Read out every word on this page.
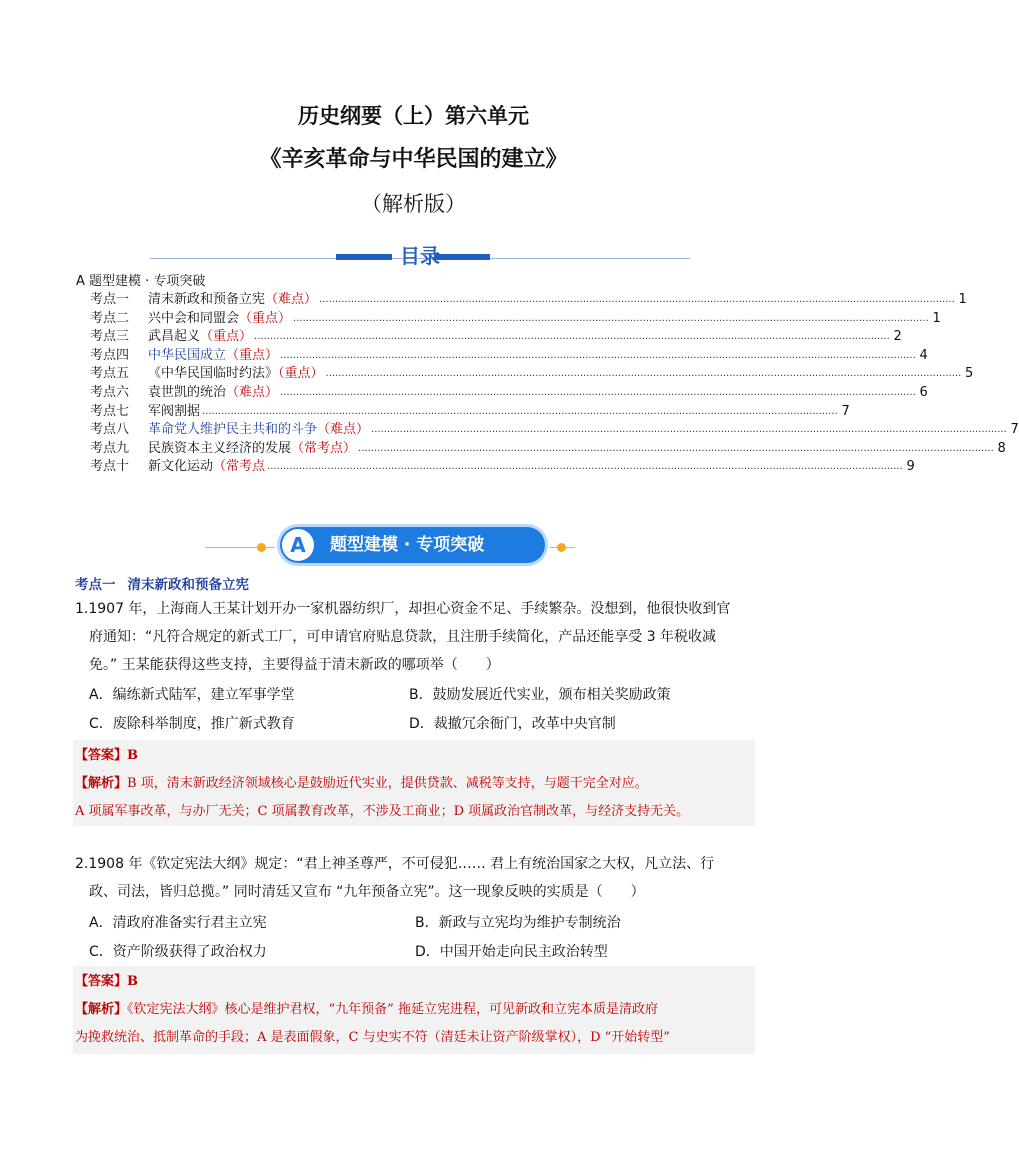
历史纲要（上）第六单元
《辛亥革命与中华民国的建立》
（解析版）
目录
A 题型建模 · 专项突破
考点一	清末新政和预备立宪（难点） ........................................................................................................................................................................................................ 1
考点二	兴中会和同盟会（重点） ........................................................................................................................................................................................................ 1
考点三	武昌起义（重点） ........................................................................................................................................................................................................ 2
考点四	中华民国成立（重点） ........................................................................................................................................................................................................ 4
考点五	《中华民国临时约法》（重点） ........................................................................................................................................................................................................ 5
考点六	袁世凯的统治（难点） ........................................................................................................................................................................................................ 6
考点七	军阀割据 ........................................................................................................................................................................................................ 7
考点八	革命党人维护民主共和的斗争（难点） ........................................................................................................................................................................................................ 7
考点九	民族资本主义经济的发展（常考点） ........................................................................................................................................................................................................ 8
考点十	新文化运动（常考点 ........................................................................................................................................................................................................ 9
A	题型建模 · 专项突破
考点一 清末新政和预备立宪
1.1907 年，上海商人王某计划开办一家机器纺织厂，却担心资金不足、手续繁杂。没想到，他很快收到官
府通知：“凡符合规定的新式工厂，可申请官府贴息贷款，且注册手续简化，产品还能享受 3 年税收减
免。” 王某能获得这些支持，主要得益于清末新政的哪项举（　　）
A．编练新式陆军，建立军事学堂	B．鼓励发展近代实业，颁布相关奖励政策
C．废除科举制度，推广新式教育	D．裁撤冗余衙门，改革中央官制
【答案】B
【解析】B 项，清末新政经济领域核心是鼓励近代实业，提供贷款、减税等支持，与题干完全对应。
A 项属军事改革，与办厂无关；C 项属教育改革，不涉及工商业；D 项属政治官制改革，与经济支持无关。
2.1908 年《钦定宪法大纲》规定：“君上神圣尊严，不可侵犯…… 君上有统治国家之大权，凡立法、行
政、司法，皆归总揽。” 同时清廷又宣布 “九年预备立宪”。这一现象反映的实质是（　　）
A．清政府准备实行君主立宪	B．新政与立宪均为维护专制统治
C．资产阶级获得了政治权力	D．中国开始走向民主政治转型
【答案】B
【解析】《钦定宪法大纲》核心是维护君权，“九年预备” 拖延立宪进程，可见新政和立宪本质是清政府
为挽救统治、抵制革命的手段；A 是表面假象，C 与史实不符（清廷未让资产阶级掌权），D “开始转型”
